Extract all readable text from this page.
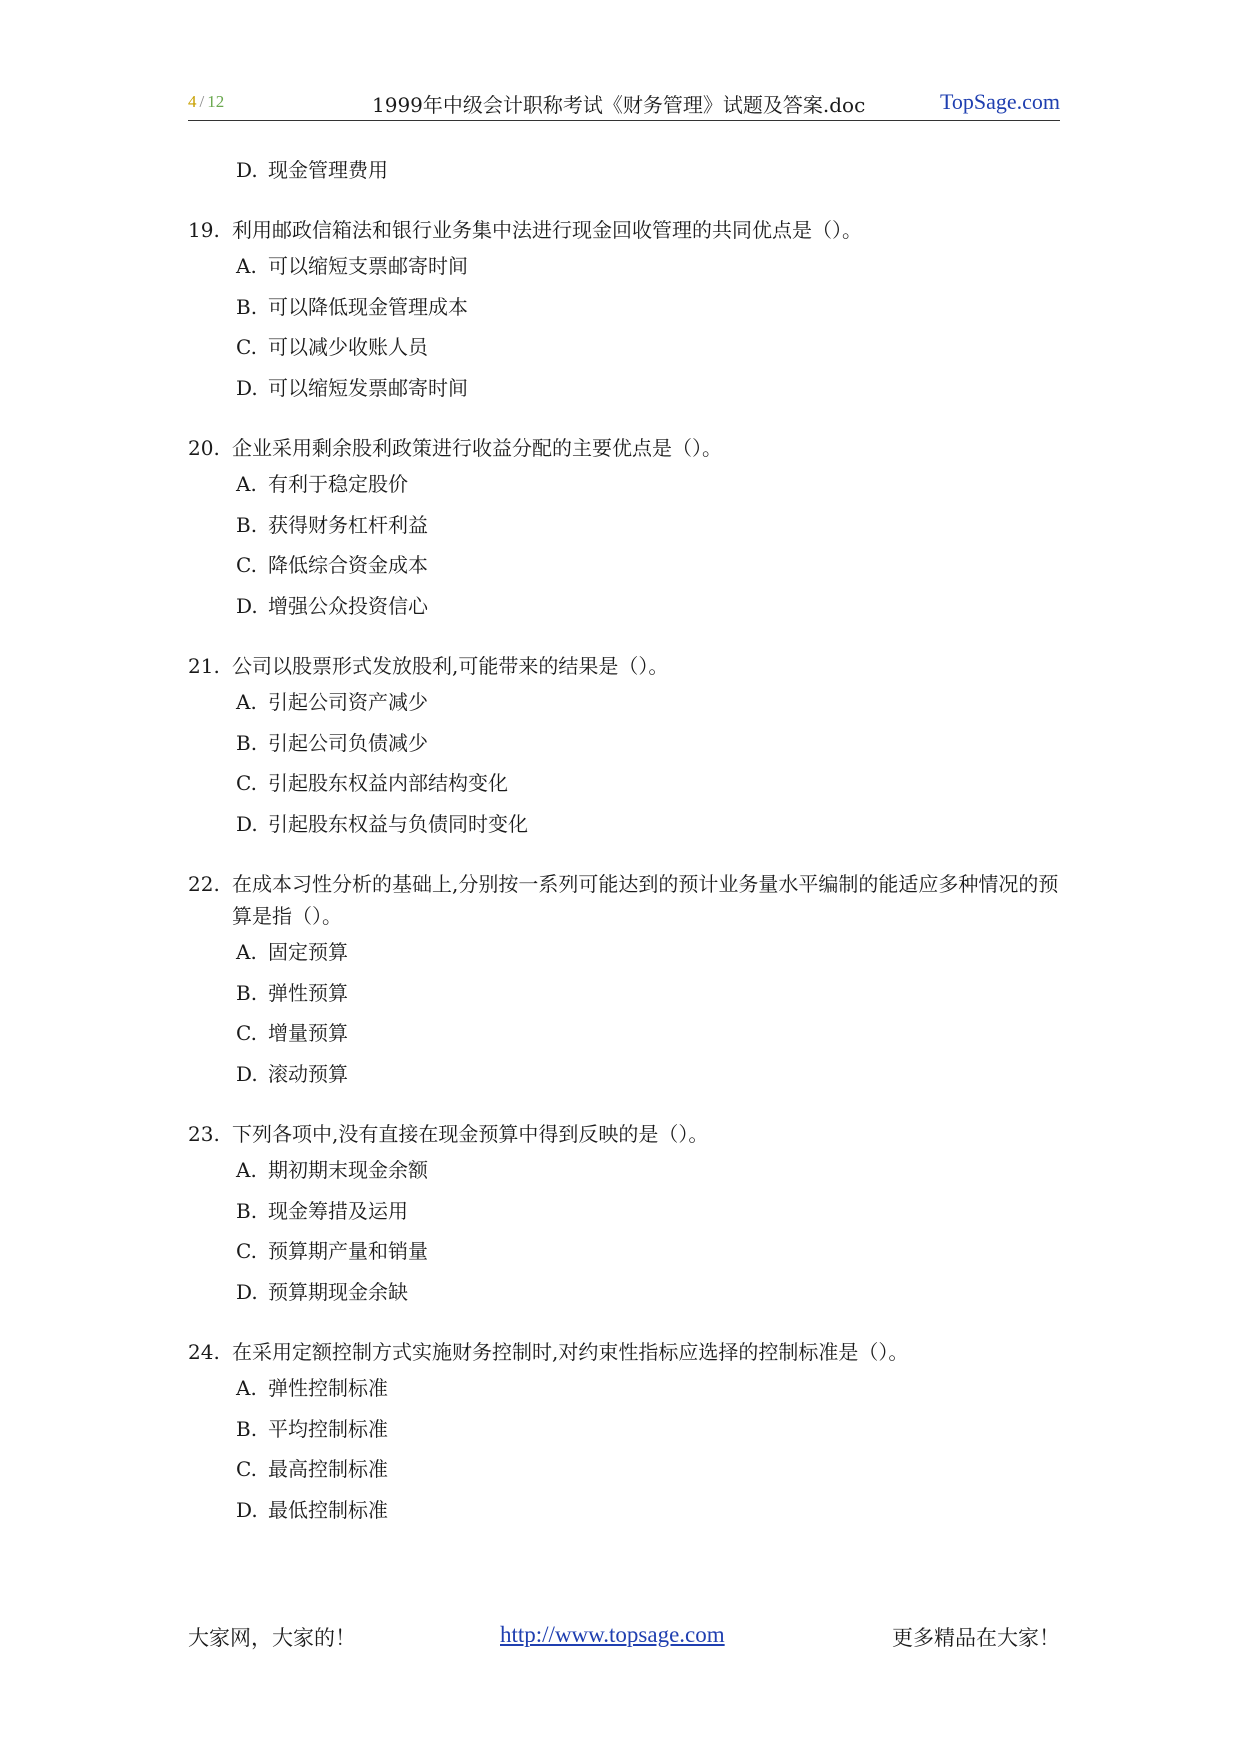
4 / 12	1999年中级会计职称考试《财务管理》试题及答案.doc	TopSage.com
D. 现金管理费用
19. 利用邮政信箱法和银行业务集中法进行现金回收管理的共同优点是（）。
A. 可以缩短支票邮寄时间
B. 可以降低现金管理成本
C. 可以减少收账人员
D. 可以缩短发票邮寄时间
20. 企业采用剩余股利政策进行收益分配的主要优点是（）。
A. 有利于稳定股价
B. 获得财务杠杆利益
C. 降低综合资金成本
D. 增强公众投资信心
21. 公司以股票形式发放股利,可能带来的结果是（）。
A. 引起公司资产减少
B. 引起公司负债减少
C. 引起股东权益内部结构变化
D. 引起股东权益与负债同时变化
22. 在成本习性分析的基础上,分别按一系列可能达到的预计业务量水平编制的能适应多种情况的预算是指（）。
A. 固定预算
B. 弹性预算
C. 增量预算
D. 滚动预算
23. 下列各项中,没有直接在现金预算中得到反映的是（）。
A. 期初期末现金余额
B. 现金筹措及运用
C. 预算期产量和销量
D. 预算期现金余缺
24. 在采用定额控制方式实施财务控制时,对约束性指标应选择的控制标准是（）。
A. 弹性控制标准
B. 平均控制标准
C. 最高控制标准
D. 最低控制标准
大家网，大家的！	http://www.topsage.com	更多精品在大家！
